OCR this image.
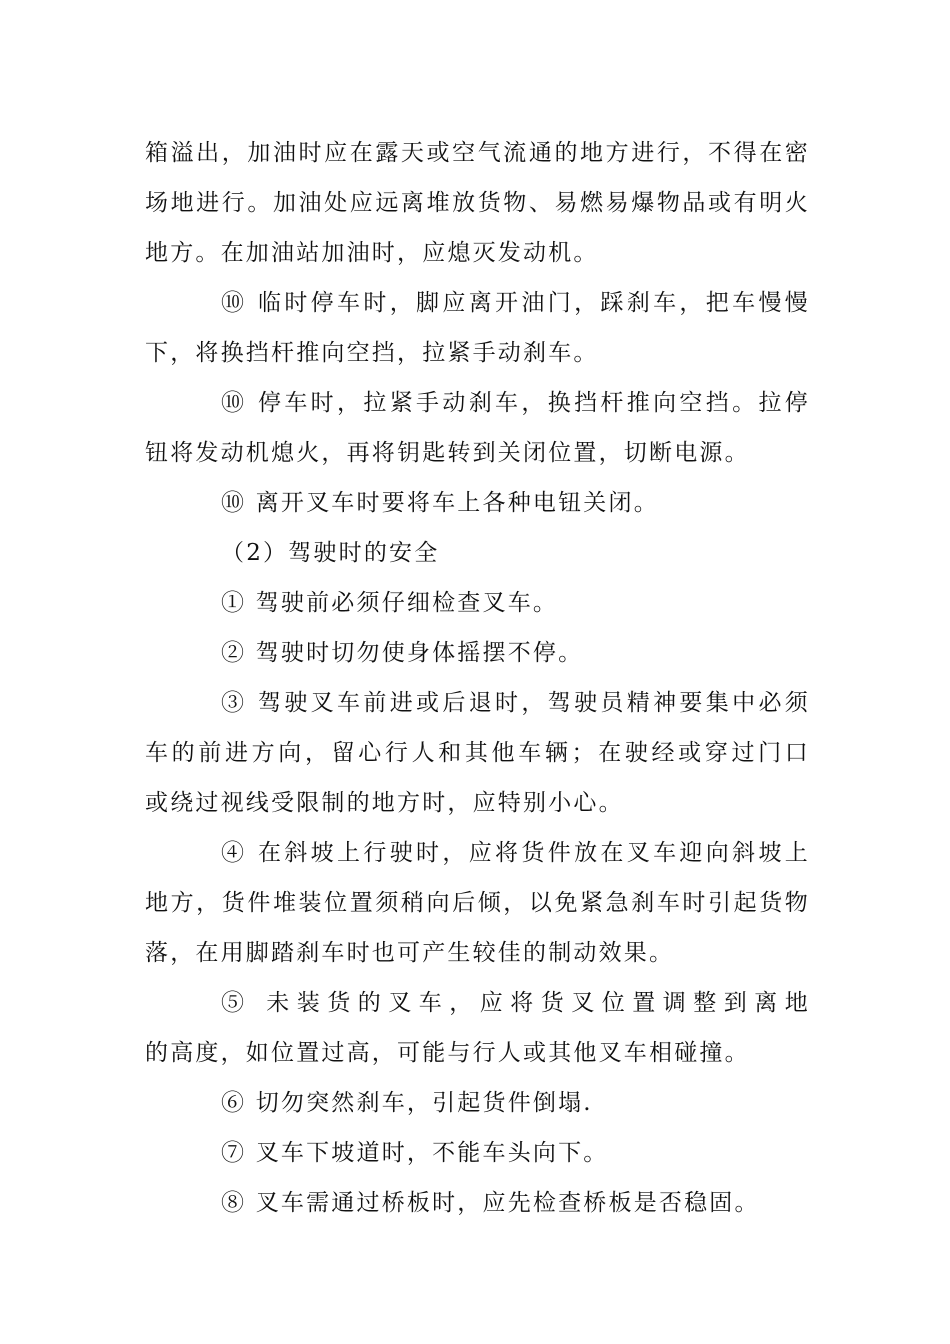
箱溢出，加油时应在露天或空气流通的地方进行，不得在密
场地进行。加油处应远离堆放货物、易燃易爆物品或有明火
地方。在加油站加油时，应熄灭发动机。
⑩ 临时停车时，脚应离开油门，踩刹车，把车慢慢
下，将换挡杆推向空挡，拉紧手动刹车。
⑩ 停车时，拉紧手动刹车，换挡杆推向空挡。拉停
钮将发动机熄火，再将钥匙转到关闭位置，切断电源。
⑩ 离开叉车时要将车上各种电钮关闭。
（2）驾驶时的安全
① 驾驶前必须仔细检查叉车。
② 驾驶时切勿使身体摇摆不停。
③ 驾驶叉车前进或后退时，驾驶员精神要集中必须
车的前进方向，留心行人和其他车辆；在驶经或穿过门口
或绕过视线受限制的地方时，应特别小心。
④ 在斜坡上行驶时，应将货件放在叉车迎向斜坡上
地方，货件堆装位置须稍向后倾，以免紧急刹车时引起货物
落，在用脚踏刹车时也可产生较佳的制动效果。
⑤ 未装货的叉车，应将货叉位置调整到离地
的高度，如位置过高，可能与行人或其他叉车相碰撞。
⑥ 切勿突然刹车，引起货件倒塌.
⑦ 叉车下坡道时，不能车头向下。
⑧ 叉车需通过桥板时，应先检查桥板是否稳固。
